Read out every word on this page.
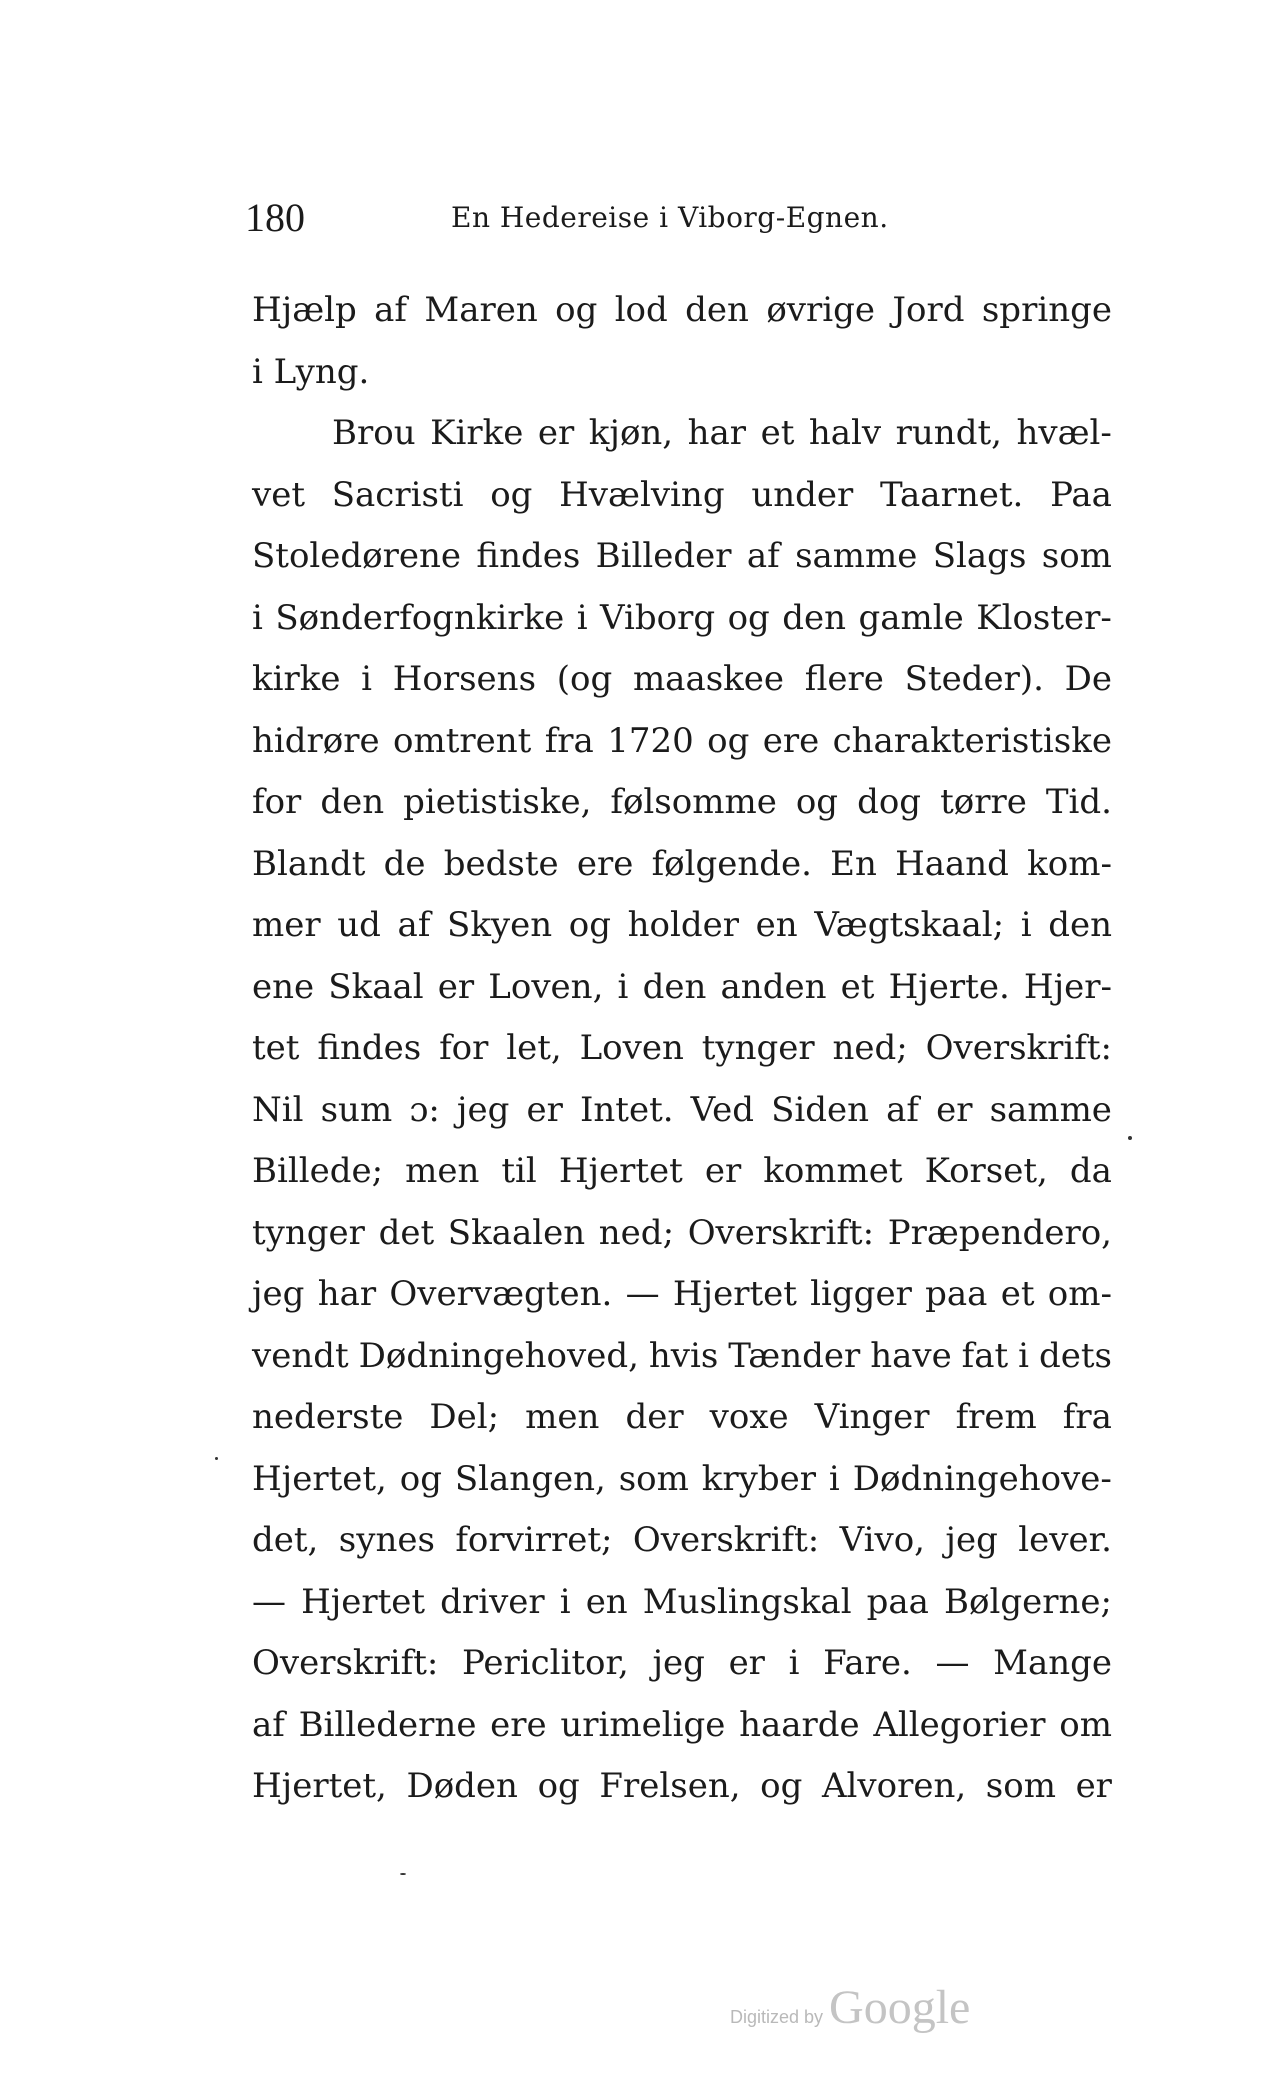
180	En Hedereise i Viborg-Egnen.
Hjælp af Maren og lod den øvrige Jord springe
i Lyng.
Brou Kirke er kjøn, har et halv rundt, hvæl-
vet Sacristi og Hvælving under Taarnet. Paa
Stoledørene findes Billeder af samme Slags som
i Sønderfognkirke i Viborg og den gamle Kloster-
kirke i Horsens (og maaskee flere Steder). De
hidrøre omtrent fra 1720 og ere charakteristiske
for den pietistiske, følsomme og dog tørre Tid.
Blandt de bedste ere følgende. En Haand kom-
mer ud af Skyen og holder en Vægtskaal; i den
ene Skaal er Loven, i den anden et Hjerte. Hjer-
tet findes for let, Loven tynger ned; Overskrift:
Nil sum ɔ: jeg er Intet. Ved Siden af er samme
Billede; men til Hjertet er kommet Korset, da
tynger det Skaalen ned; Overskrift: Præpendero,
jeg har Overvægten. — Hjertet ligger paa et om-
vendt Dødningehoved, hvis Tænder have fat i dets
nederste Del; men der voxe Vinger frem fra
Hjertet, og Slangen, som kryber i Dødningehove-
det, synes forvirret; Overskrift: Vivo, jeg lever.
— Hjertet driver i en Muslingskal paa Bølgerne;
Overskrift: Periclitor, jeg er i Fare. — Mange
af Billederne ere urimelige haarde Allegorier om
Hjertet, Døden og Frelsen, og Alvoren, som er
Digitized by Google
